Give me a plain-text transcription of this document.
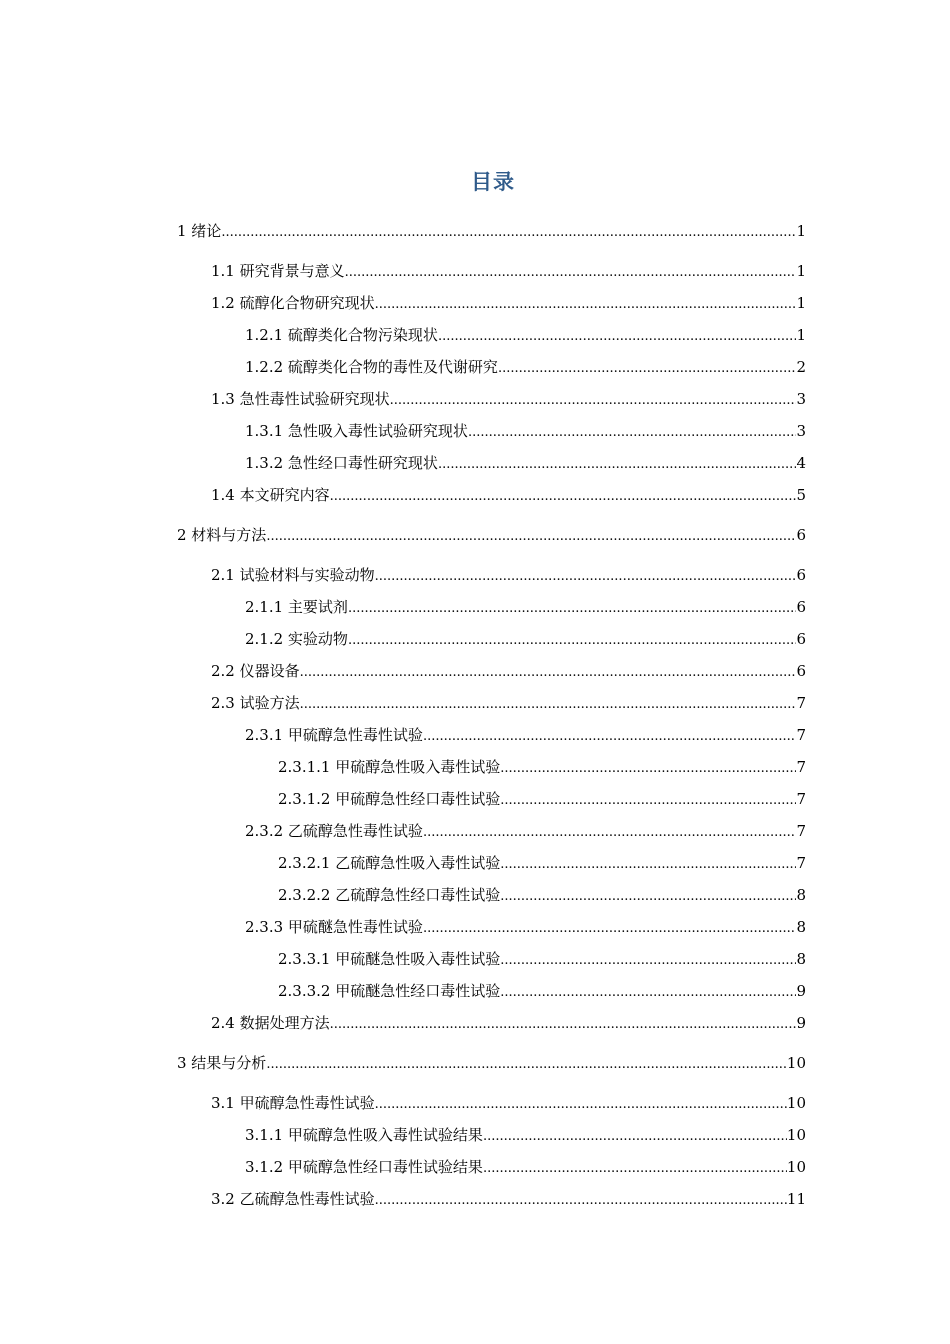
目录
1 绪论 .....	1
1.1 研究背景与意义 .....	1
1.2 硫醇化合物研究现状 .....	1
1.2.1 硫醇类化合物污染现状 .....	1
1.2.2 硫醇类化合物的毒性及代谢研究 .....	2
1.3 急性毒性试验研究现状 .....	3
1.3.1 急性吸入毒性试验研究现状 .....	3
1.3.2 急性经口毒性研究现状 .....	4
1.4 本文研究内容 .....	5
2 材料与方法 .....	6
2.1 试验材料与实验动物 .....	6
2.1.1 主要试剂 .....	6
2.1.2 实验动物 .....	6
2.2 仪器设备 .....	6
2.3 试验方法 .....	7
2.3.1 甲硫醇急性毒性试验 .....	7
2.3.1.1 甲硫醇急性吸入毒性试验 .....	7
2.3.1.2 甲硫醇急性经口毒性试验 .....	7
2.3.2 乙硫醇急性毒性试验 .....	7
2.3.2.1 乙硫醇急性吸入毒性试验 .....	7
2.3.2.2 乙硫醇急性经口毒性试验 .....	8
2.3.3 甲硫醚急性毒性试验 .....	8
2.3.3.1 甲硫醚急性吸入毒性试验 .....	8
2.3.3.2 甲硫醚急性经口毒性试验 .....	9
2.4 数据处理方法 .....	9
3 结果与分析 .....	10
3.1 甲硫醇急性毒性试验 .....	10
3.1.1 甲硫醇急性吸入毒性试验结果 .....	10
3.1.2 甲硫醇急性经口毒性试验结果 .....	10
3.2 乙硫醇急性毒性试验 .....	11
